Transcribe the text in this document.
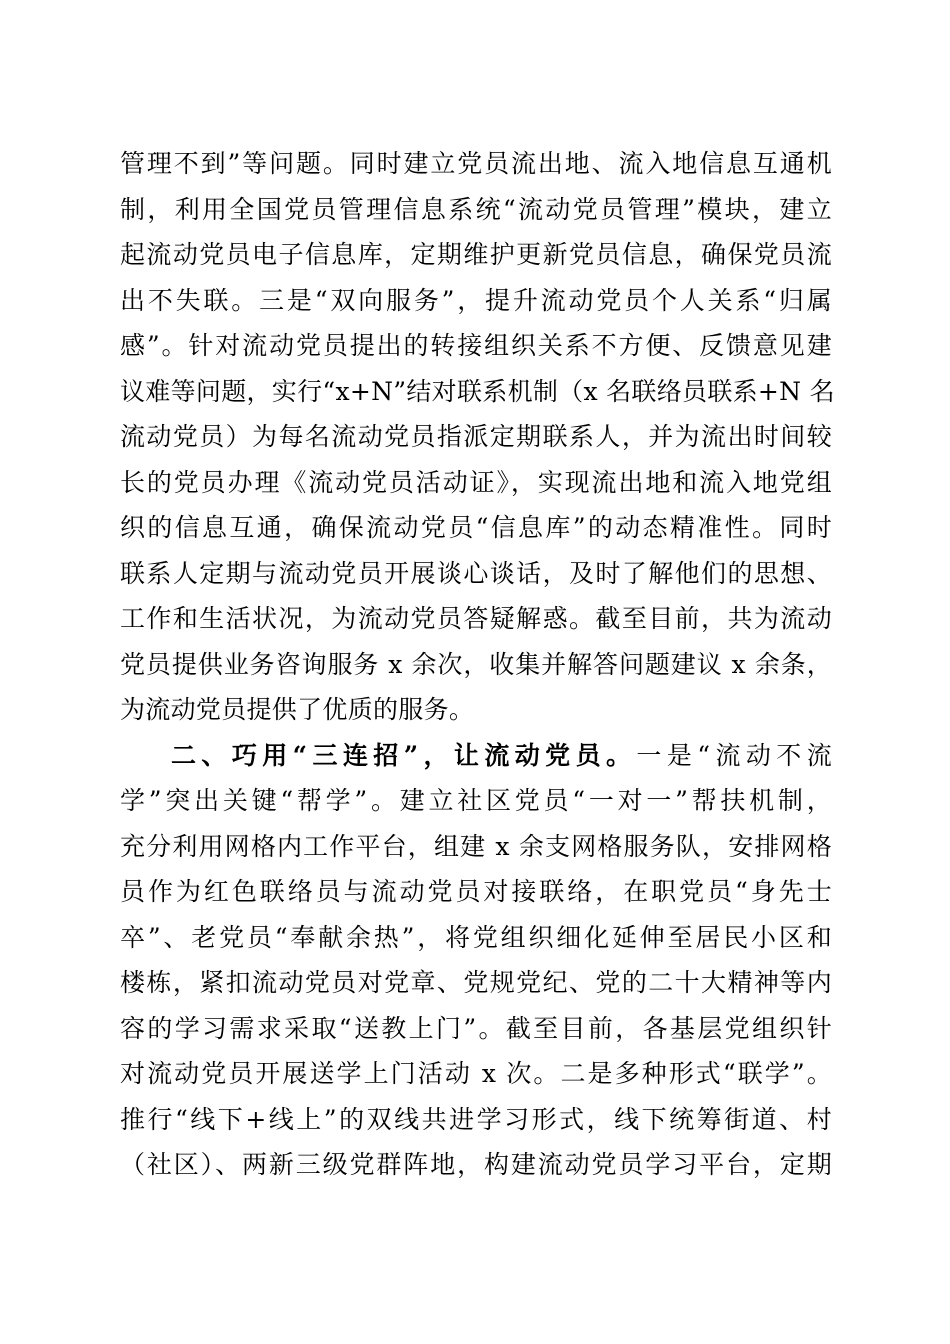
管理不到”等问题。同时建立党员流出地、流入地信息互通机
制，利用全国党员管理信息系统“流动党员管理”模块，建立
起流动党员电子信息库，定期维护更新党员信息，确保党员流
出不失联。三是“双向服务”，提升流动党员个人关系“归属
感”。针对流动党员提出的转接组织关系不方便、反馈意见建
议难等问题，实行“x+N”结对联系机制（x 名联络员联系+N 名
流动党员）为每名流动党员指派定期联系人，并为流出时间较
长的党员办理《流动党员活动证》，实现流出地和流入地党组
织的信息互通，确保流动党员“信息库”的动态精准性。同时
联系人定期与流动党员开展谈心谈话，及时了解他们的思想、
工作和生活状况，为流动党员答疑解惑。截至目前，共为流动
党员提供业务咨询服务 x 余次，收集并解答问题建议 x 余条，
为流动党员提供了优质的服务。
二、巧用“三连招”，让流动党员。一是“流动不流
学”突出关键“帮学”。建立社区党员“一对一”帮扶机制，
充分利用网格内工作平台，组建 x 余支网格服务队，安排网格
员作为红色联络员与流动党员对接联络，在职党员“身先士
卒”、老党员“奉献余热”，将党组织细化延伸至居民小区和
楼栋，紧扣流动党员对党章、党规党纪、党的二十大精神等内
容的学习需求采取“送教上门”。截至目前，各基层党组织针
对流动党员开展送学上门活动 x 次。二是多种形式“联学”。
推行“线下+线上”的双线共进学习形式，线下统筹街道、村
（社区）、两新三级党群阵地，构建流动党员学习平台，定期
